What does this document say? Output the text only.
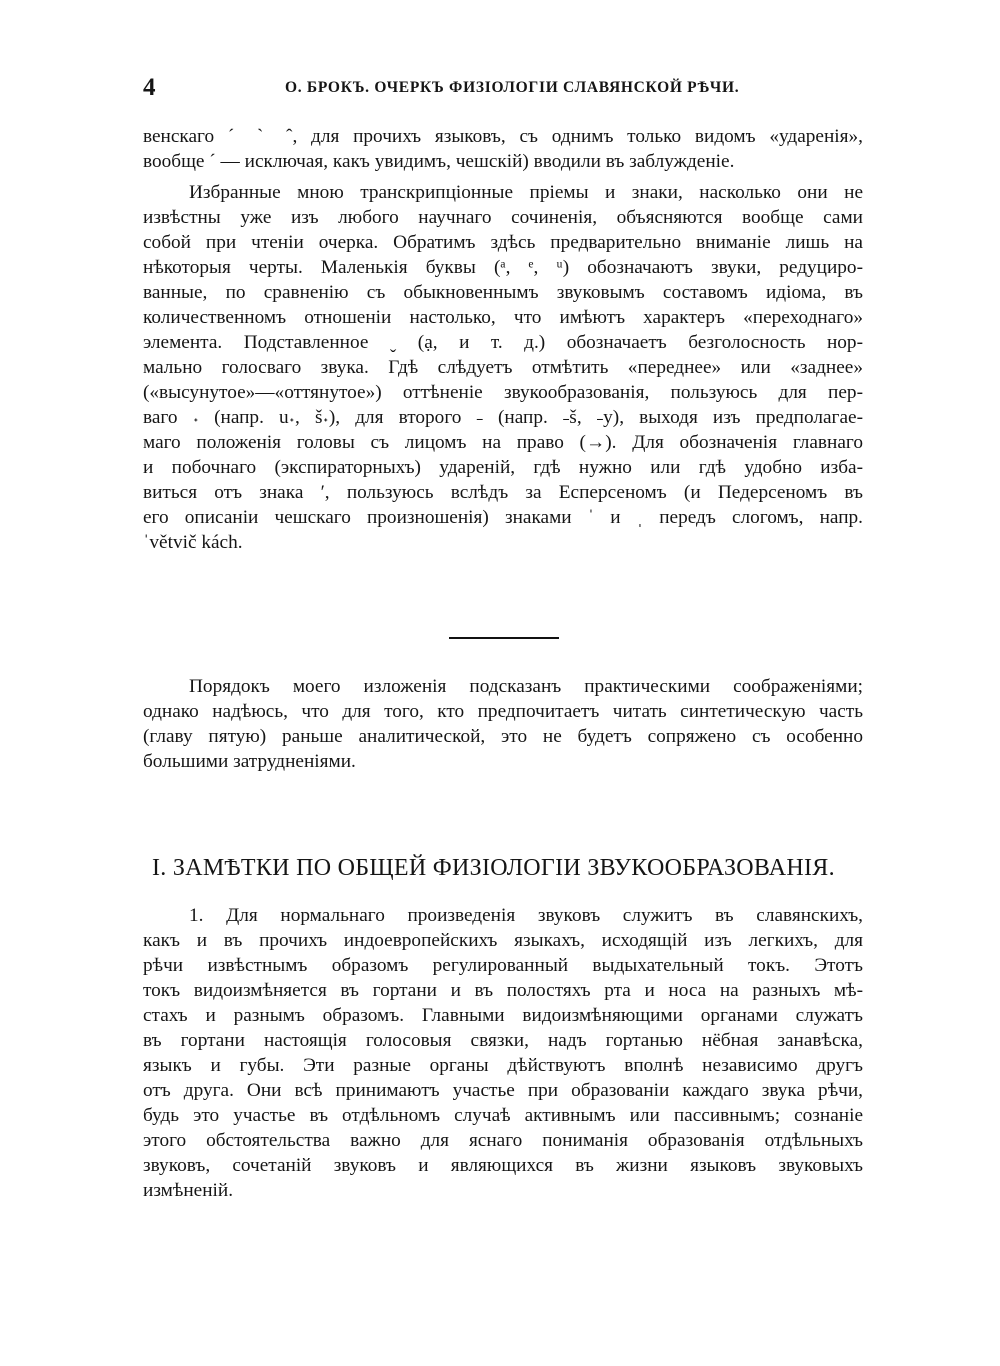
4	О. БРОКЪ. ОЧЕРКЪ ФИЗІОЛОГІИ СЛАВЯНСКОЙ РѢЧИ.
венскаго ˊ ˋ ˆ, для прочихъ языковъ, съ однимъ только видомъ «ударенія»,
вообще ˊ — исключая, какъ увидимъ, чешскій) вводили въ заблужденіе.
Избранные мною транскрипціонные пріемы и знаки, насколько они не
извѣстны уже изъ любого научнаго сочиненія, объясняются вообще сами
собой при чтеніи очерка. Обратимъ здѣсь предварительно вниманіе лишь на
нѣкоторыя черты. Маленькія буквы (ᵃ, ᵉ, ᵘ) обозначаютъ звуки, редуциро-
ванные, по сравненію съ обыкновеннымъ звуковымъ составомъ идіома, въ
количественномъ отношеніи настолько, что имѣютъ характеръ «переходнаго»
элемента. Подставленное ˬ (ạ, и т. д.) обозначаетъ безголосность нор-
мально голосваго звука. Гдѣ слѣдуетъ отмѣтить «переднее» или «заднее»
(«высунутое»—«оттянутое») оттѣненіе звукообразованія, пользуюсь для пер-
ваго ˖ (напр. u˖, š˖), для второго ˗ (напр. ˗š, ˗y), выходя изъ предполагае-
маго положенія головы съ лицомъ на право (→). Для обозначенія главнаго
и побочнаго (экспираторныхъ) удареній, гдѣ нужно или гдѣ удобно изба-
виться отъ знака ʹ, пользуюсь вслѣдъ за Есперсеномъ (и Педерсеномъ въ
его описаніи чешскаго произношенія) знаками ˈ и ˌ передъ слогомъ, напр.
ˈvětvič kách.
Порядокъ моего изложенія подсказанъ практическими соображеніями;
однако надѣюсь, что для того, кто предпочитаетъ читать синтетическую часть
(главу пятую) раньше аналитической, это не будетъ сопряжено съ особенно
большими затрудненіями.
I. ЗАМѢТКИ ПО ОБЩЕЙ ФИЗІОЛОГІИ ЗВУКООБРАЗОВАНІЯ.
1. Для нормальнаго произведенія звуковъ служитъ въ славянскихъ,
какъ и въ прочихъ индоевропейскихъ языкахъ, исходящій изъ легкихъ, для
рѣчи извѣстнымъ образомъ регулированный выдыхательный токъ. Этотъ
токъ видоизмѣняется въ гортани и въ полостяхъ рта и носа на разныхъ мѣ-
стахъ и разнымъ образомъ. Главными видоизмѣняющими органами служатъ
въ гортани настоящія голосовыя связки, надъ гортанью нёбная занавѣска,
языкъ и губы. Эти разные органы дѣйствуютъ вполнѣ независимо другъ
отъ друга. Они всѣ принимаютъ участье при образованіи каждаго звука рѣчи,
будь это участье въ отдѣльномъ случаѣ активнымъ или пассивнымъ; сознаніе
этого обстоятельства важно для яснаго пониманія образованія отдѣльныхъ
звуковъ, сочетаній звуковъ и являющихся въ жизни языковъ звуковыхъ
измѣненій.
